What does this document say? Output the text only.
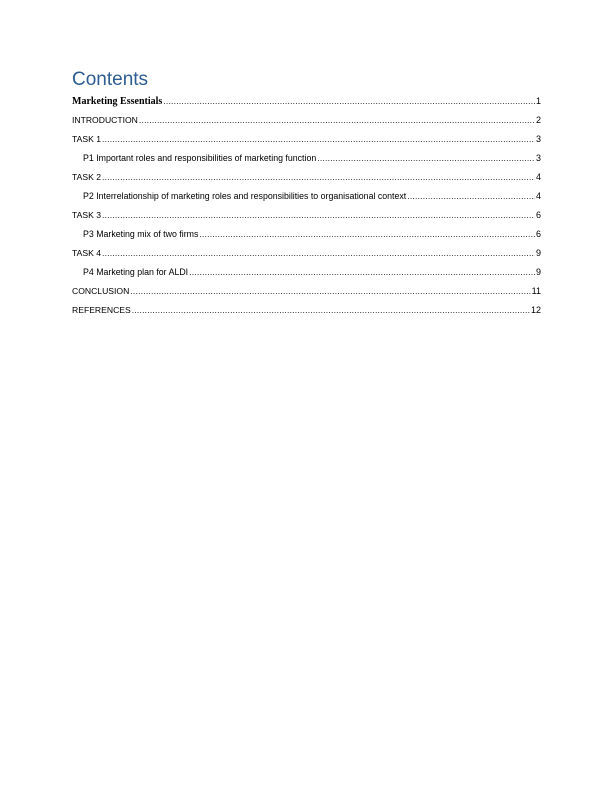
Contents
Marketing Essentials .....	1
INTRODUCTION .....	2
TASK 1 .....	3
P1 Important roles and responsibilities of marketing function .....	3
TASK 2 .....	4
P2 Interrelationship of marketing roles and responsibilities to organisational context .....	4
TASK 3 .....	6
P3 Marketing mix of two firms .....	6
TASK 4 .....	9
P4 Marketing plan for ALDI .....	9
CONCLUSION .....	11
REFERENCES .....	12
